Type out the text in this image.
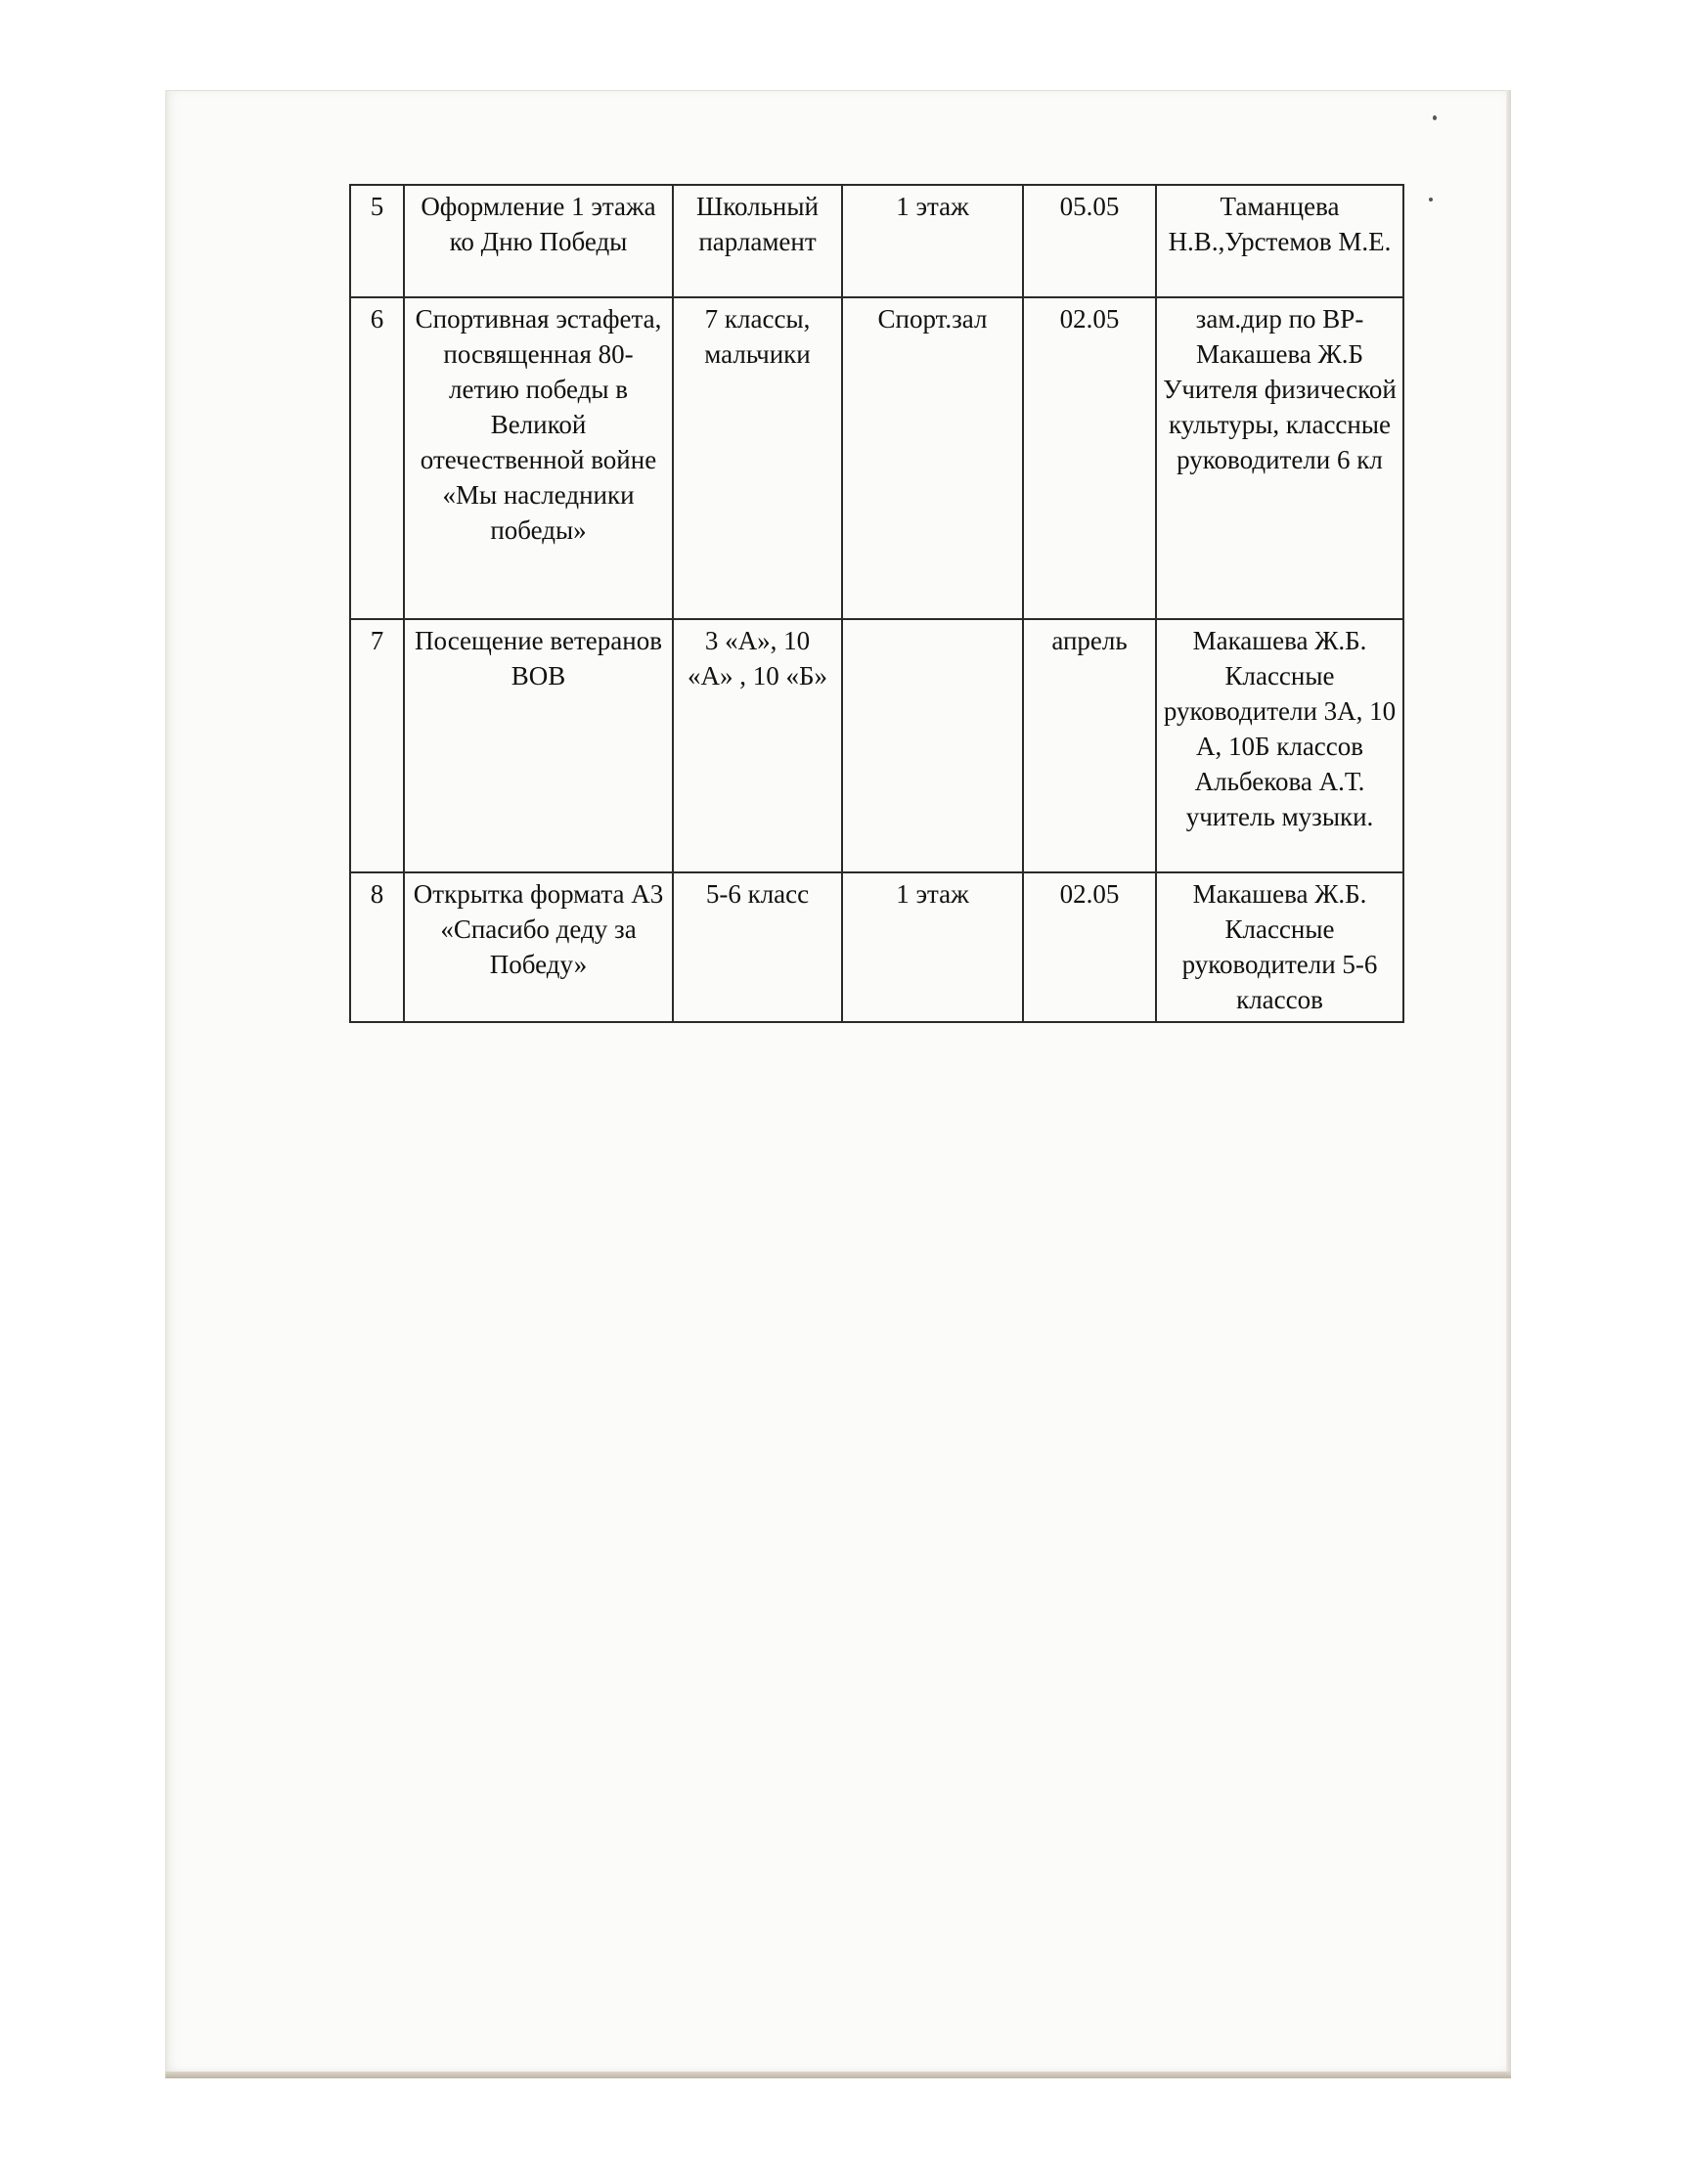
5	Оформление 1 этажа ко Дню Победы	Школьный парламент	1 этаж	05.05	Таманцева Н.В.,Урстемов М.Е.

6	Спортивная эстафета, посвященная 80-летию победы в Великой отечественной войне «Мы наследники победы»	7 классы, мальчики	Спорт.зал	02.05	зам.дир по ВР-Макашева Ж.Б Учителя физической культуры, классные руководители 6 кл

7	Посещение ветеранов ВОВ	3 «А», 10 «А» , 10 «Б»		апрель	Макашева Ж.Б. Классные руководители 3А, 10 А, 10Б классов Альбекова А.Т. учитель музыки.

8	Открытка формата А3 «Спасибо деду за Победу»	5-6 класс	1 этаж	02.05	Макашева Ж.Б. Классные руководители 5-6 классов
